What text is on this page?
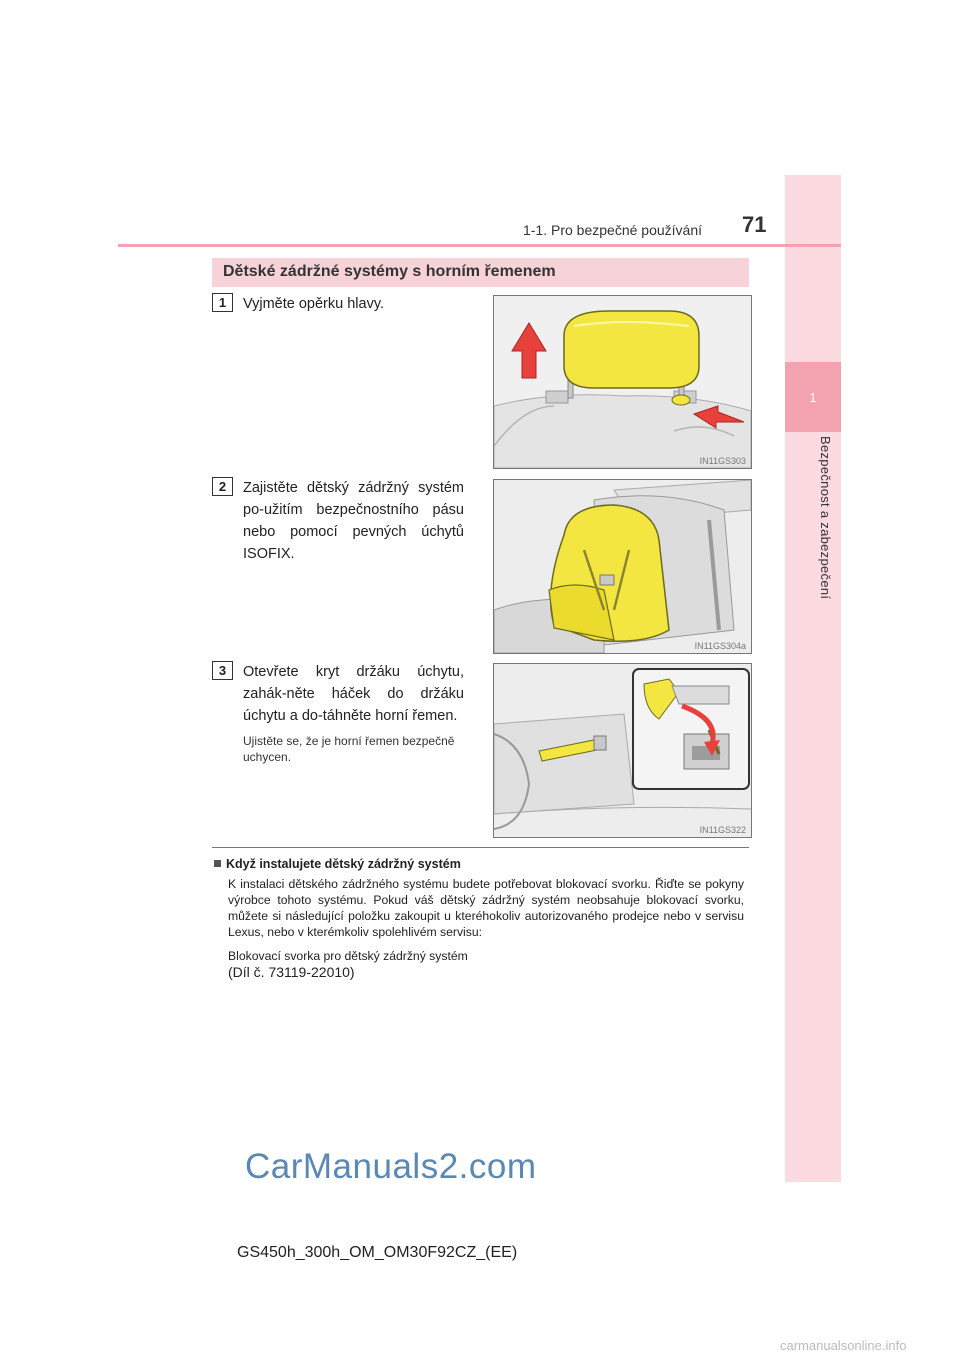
1
Bezpečnost a zabezpečení
1-1. Pro bezpečné používání 71
Dětské zádržné systémy s horním řemenem
1	Vyjměte opěrku hlavy.
IN11GS303
2	Zajistěte dětský zádržný systém po-užitím bezpečnostního pásu nebo pomocí pevných úchytů ISOFIX.
IN11GS304a
3	Otevřete kryt držáku úchytu, zahák-něte háček do držáku úchytu a do-táhněte horní řemen.
Ujistěte se, že je horní řemen bezpečně uchycen.
IN11GS322
Když instalujete dětský zádržný systém
K instalaci dětského zádržného systému budete potřebovat blokovací svorku. Řiďte se pokyny výrobce tohoto systému. Pokud váš dětský zádržný systém neobsahuje blokovací svorku, můžete si následující položku zakoupit u kteréhokoliv autorizovaného prodejce nebo v servisu Lexus, nebo v kterémkoliv spolehlivém servisu:
Blokovací svorka pro dětský zádržný systém
(Díl č. 73119-22010)
CarManuals2.com
carmanualsonline.info
GS450h_300h_OM_OM30F92CZ_(EE)
